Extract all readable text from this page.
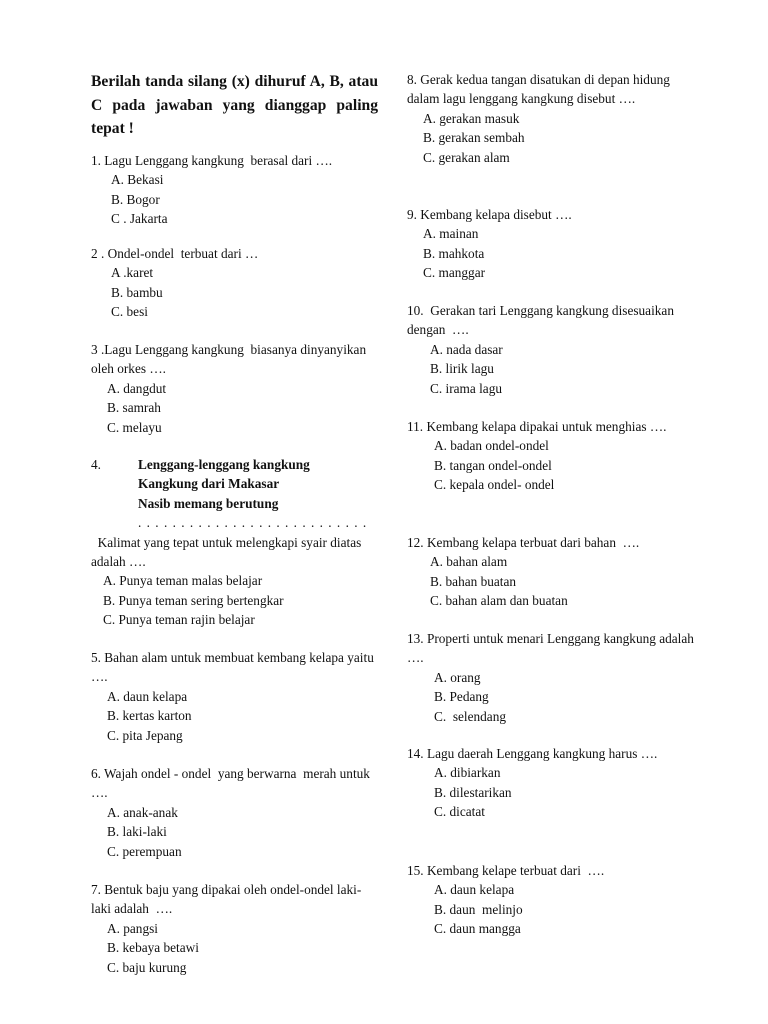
Berilah tanda silang (x) dihuruf A, B, atau C pada jawaban yang dianggap paling tepat !
1. Lagu Lenggang kangkung  berasal dari ….
A. Bekasi
B. Bogor
C . Jakarta
2 . Ondel-ondel  terbuat dari …
A .karet
B. bambu
C. besi
3 .Lagu Lenggang kangkung  biasanya dinyanyikan oleh orkes ….
A. dangdut
B. samrah
C. melayu
4.	Lenggang-lenggang kangkung
Kangkung dari Makasar
Nasib memang berutung
. . . . . . . . . . . . . . . . . . . . . . . . . . .
Kalimat yang tepat untuk melengkapi syair diatas adalah ….
A. Punya teman malas belajar
B. Punya teman sering bertengkar
C. Punya teman rajin belajar
5. Bahan alam untuk membuat kembang kelapa yaitu  ….
A. daun kelapa
B. kertas karton
C. pita Jepang
6. Wajah ondel - ondel  yang berwarna  merah untuk  ….
A. anak-anak
B. laki-laki
C. perempuan
7. Bentuk baju yang dipakai oleh ondel-ondel laki-laki adalah  ….
A. pangsi
B. kebaya betawi
C. baju kurung
8. Gerak kedua tangan disatukan di depan hidung  dalam lagu lenggang kangkung disebut ….
A. gerakan masuk
B. gerakan sembah
C. gerakan alam
9. Kembang kelapa disebut ….
A. mainan
B. mahkota
C. manggar
10.  Gerakan tari Lenggang kangkung disesuaikan  dengan  ….
A. nada dasar
B. lirik lagu
C. irama lagu
11. Kembang kelapa dipakai untuk menghias ….
A. badan ondel-ondel
B. tangan ondel-ondel
C. kepala ondel- ondel
12. Kembang kelapa terbuat dari bahan  ….
A. bahan alam
B. bahan buatan
C. bahan alam dan buatan
13. Properti untuk menari Lenggang kangkung adalah  ….
A. orang
B. Pedang
C.  selendang
14. Lagu daerah Lenggang kangkung harus ….
A. dibiarkan
B. dilestarikan
C. dicatat
15. Kembang kelape terbuat dari  ….
A. daun kelapa
B. daun  melinjo
C. daun mangga
